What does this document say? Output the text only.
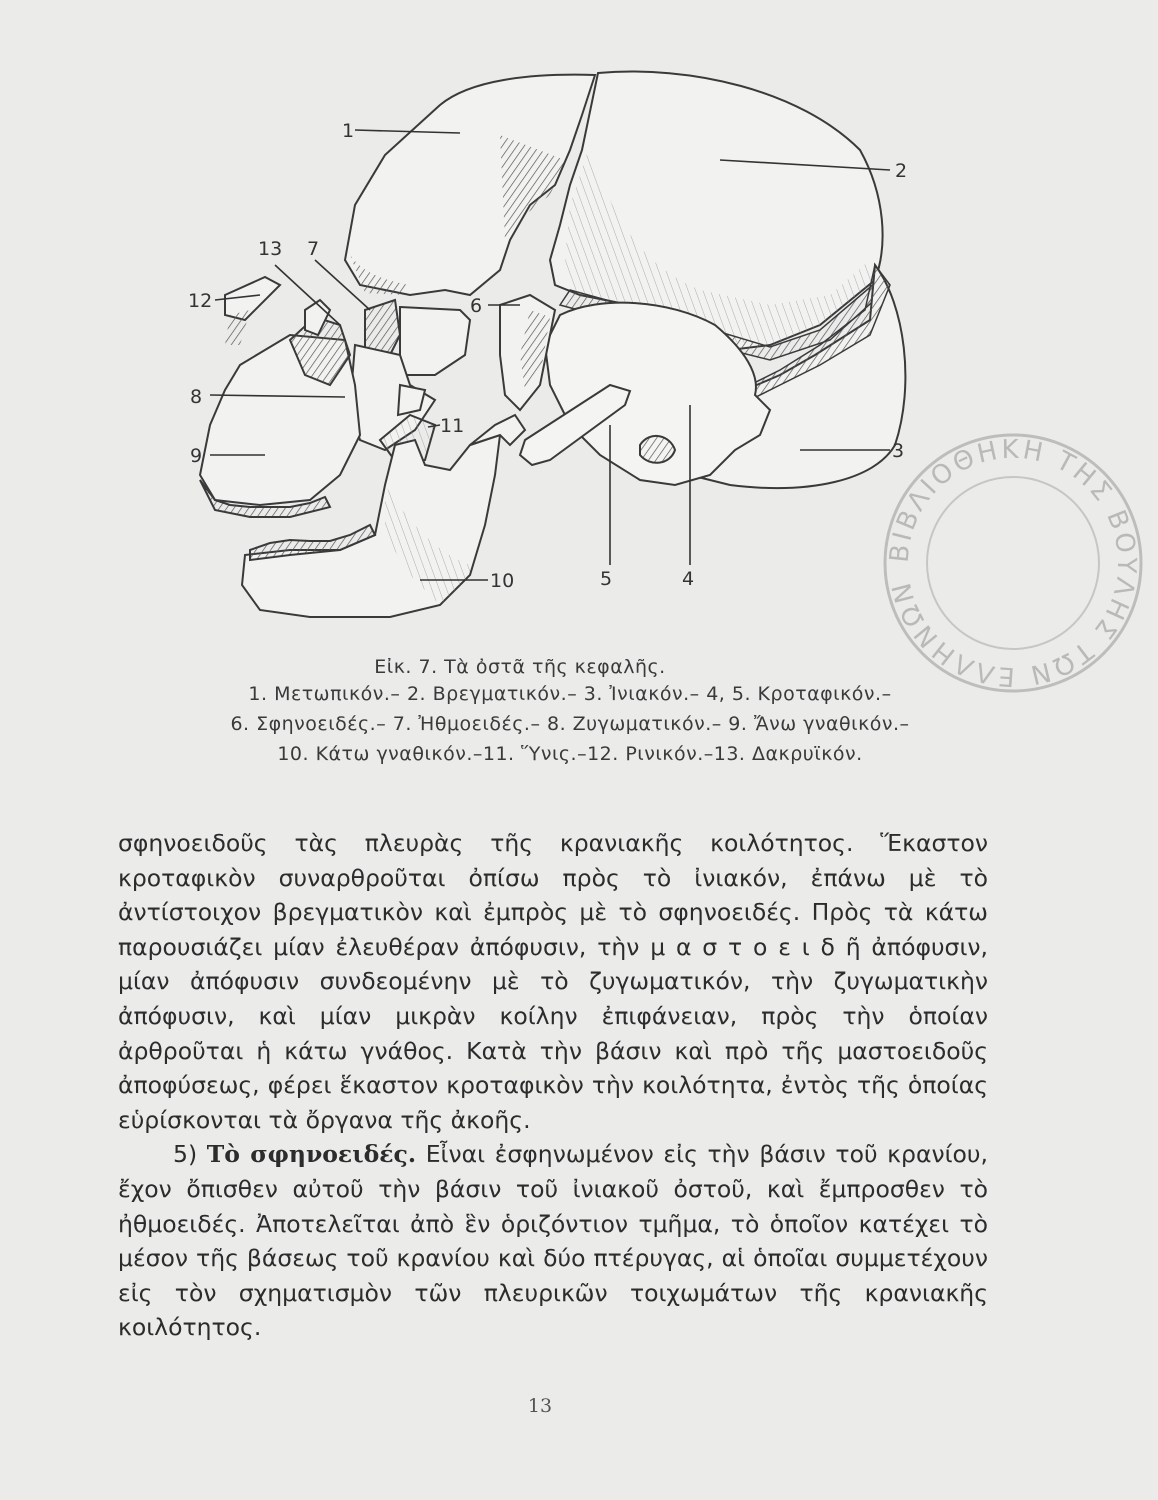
1
2
3
4
5
6
7
8
9
10
11
12
13
ΒΙΒΛΙΟΘΗΚΗ ΤΗΣ ΒΟΥΛΗΣ ΤΩΝ ΕΛΛΗΝΩΝ
Εἰκ. 7. Τὰ ὀστᾶ τῆς κεφαλῆς.
1. Μετωπικόν.– 2. Βρεγματικόν.– 3. Ἰνιακόν.– 4, 5. Κροταφικόν.–
6. Σφηνοειδές.– 7. Ἠθμοειδές.– 8. Ζυγωματικόν.– 9. Ἄνω γναθικόν.–
10. Κάτω γναθικόν.–11. Ὕνις.–12. Ρινικόν.–13. Δακρυϊκόν.

σφηνοειδοῦς τὰς πλευρὰς τῆς κρανιακῆς κοιλότητος. Ἕκαστον κροταφικὸν συναρθροῦται ὀπίσω πρὸς τὸ ἰνιακόν, ἐπάνω μὲ τὸ ἀντίστοιχον βρεγματικὸν καὶ ἐμπρὸς μὲ τὸ σφηνοειδές. Πρὸς τὰ κάτω παρουσιάζει μίαν ἐλευθέραν ἀπόφυσιν, τὴν μ α σ τ ο ε ι δ ῆ ἀπόφυσιν, μίαν ἀπόφυσιν συνδεομένην μὲ τὸ ζυγωματικόν, τὴν ζυγωματικὴν ἀπόφυσιν, καὶ μίαν μικρὰν κοίλην ἐπιφάνειαν, πρὸς τὴν ὁποίαν ἀρθροῦται ἡ κάτω γνάθος. Κατὰ τὴν βάσιν καὶ πρὸ τῆς μαστοειδοῦς ἀποφύσεως, φέρει ἕκαστον κροταφικὸν τὴν κοιλότητα, ἐντὸς τῆς ὁποίας εὑρίσκονται τὰ ὄργανα τῆς ἀκοῆς.

5) Τὸ σφηνοειδές. Εἶναι ἐσφηνωμένον εἰς τὴν βάσιν τοῦ κρανίου, ἔχον ὄπισθεν αὐτοῦ τὴν βάσιν τοῦ ἰνιακοῦ ὀστοῦ, καὶ ἔμπροσθεν τὸ ἠθμοειδές. Ἀποτελεῖται ἀπὸ ἓν ὁριζόντιον τμῆμα, τὸ ὁποῖον κατέχει τὸ μέσον τῆς βάσεως τοῦ κρανίου καὶ δύο πτέρυγας, αἱ ὁποῖαι συμμετέχουν εἰς τὸν σχηματισμὸν τῶν πλευρικῶν τοιχωμάτων τῆς κρανιακῆς κοιλότητος.

13
